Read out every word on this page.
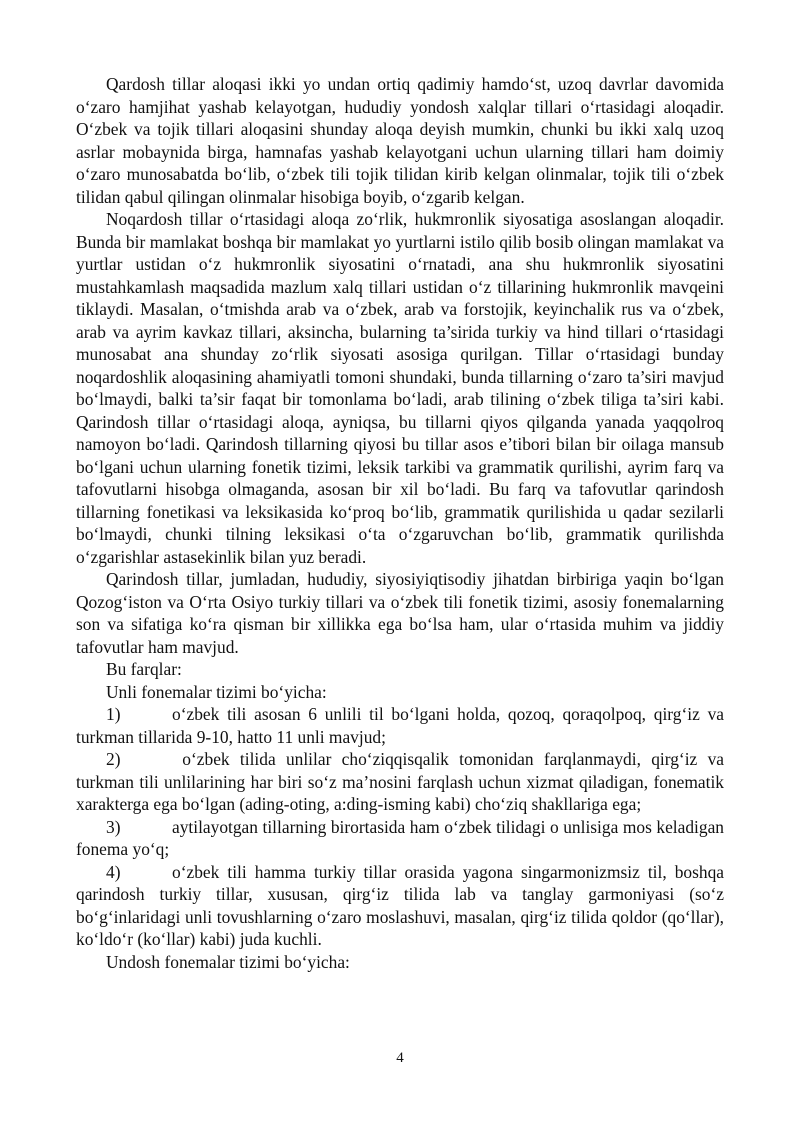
Qardosh tillar aloqasi ikki yo undan ortiq qadimiy hamdo‘st, uzoq davrlar davomida o‘zaro hamjihat yashab kelayotgan, hududiy yondosh xalqlar tillari o‘rtasidagi aloqadir. O‘zbek va tojik tillari aloqasini shunday aloqa deyish mumkin, chunki bu ikki xalq uzoq asrlar mobaynida birga, hamnafas yashab kelayotgani uchun ularning tillari ham doimiy o‘zaro munosabatda bo‘lib, o‘zbek tili tojik tilidan kirib kelgan olinmalar, tojik tili o‘zbek tilidan qabul qilingan olinmalar hisobiga boyib, o‘zgarib kelgan.

Noqardosh tillar o‘rtasidagi aloqa zo‘rlik, hukmronlik siyosatiga asoslangan aloqadir. Bunda bir mamlakat boshqa bir mamlakat yo yurtlarni istilo qilib bosib olingan mamlakat va yurtlar ustidan o‘z hukmronlik siyosatini o‘rnatadi, ana shu hukmronlik siyosatini mustahkamlash maqsadida mazlum xalq tillari ustidan o‘z tillarining hukmronlik mavqeini tiklaydi. Masalan, o‘tmishda arab va o‘zbek, arab va forstojik, keyinchalik rus va o‘zbek, arab va ayrim kavkaz tillari, aksincha, bularning ta’sirida turkiy va hind tillari o‘rtasidagi munosabat ana shunday zo‘rlik siyosati asosiga qurilgan. Tillar o‘rtasidagi bunday noqardoshlik aloqasining ahamiyatli tomoni shundaki, bunda tillarning o‘zaro ta’siri mavjud bo‘lmaydi, balki ta’sir faqat bir tomonlama bo‘ladi, arab tilining o‘zbek tiliga ta’siri kabi. Qarindosh tillar o‘rtasidagi aloqa, ayniqsa, bu tillarni qiyos qilganda yanada yaqqolroq namoyon bo‘ladi. Qarindosh tillarning qiyosi bu tillar asos e’tibori bilan bir oilaga mansub bo‘lgani uchun ularning fonetik tizimi, leksik tarkibi va grammatik qurilishi, ayrim farq va tafovutlarni hisobga olmaganda, asosan bir xil bo‘ladi. Bu farq va tafovutlar qarindosh tillarning fonetikasi va leksikasida ko‘proq bo‘lib, grammatik qurilishida u qadar sezilarli bo‘lmaydi, chunki tilning leksikasi o‘ta o‘zgaruvchan bo‘lib, grammatik qurilishda o‘zgarishlar astasekinlik bilan yuz beradi.

Qarindosh tillar, jumladan, hududiy, siyosiyiqtisodiy jihatdan birbiriga yaqin bo‘lgan Qozog‘iston va O‘rta Osiyo turkiy tillari va o‘zbek tili fonetik tizimi, asosiy fonemalarning son va sifatiga ko‘ra qisman bir xillikka ega bo‘lsa ham, ular o‘rtasida muhim va jiddiy tafovutlar ham mavjud.

Bu farqlar:

Unli fonemalar tizimi bo‘yicha:

1)	o‘zbek tili asosan 6 unlili til bo‘lgani holda, qozoq, qoraqolpoq, qirg‘iz va turkman tillarida 9-10, hatto 11 unli mavjud;

2)	o‘zbek tilida unlilar cho‘ziqqisqalik tomonidan farqlanmaydi, qirg‘iz va turkman tili unlilarining har biri so‘z ma’nosini farqlash uchun xizmat qiladigan, fonematik xarakterga ega bo‘lgan (ading-oting, a:ding-isming kabi) cho‘ziq shakllariga ega;

3)	aytilayotgan tillarning birortasida ham o‘zbek tilidagi o unlisiga mos keladigan fonema yo‘q;

4)	o‘zbek tili hamma turkiy tillar orasida yagona singarmonizmsiz til, boshqa qarindosh turkiy tillar, xususan, qirg‘iz tilida lab va tanglay garmoniyasi (so‘z bo‘g‘inlaridagi unli tovushlarning o‘zaro moslashuvi, masalan, qirg‘iz tilida qoldor (qo‘llar), ko‘ldo‘r (ko‘llar) kabi) juda kuchli.

Undosh fonemalar tizimi bo‘yicha:

4
